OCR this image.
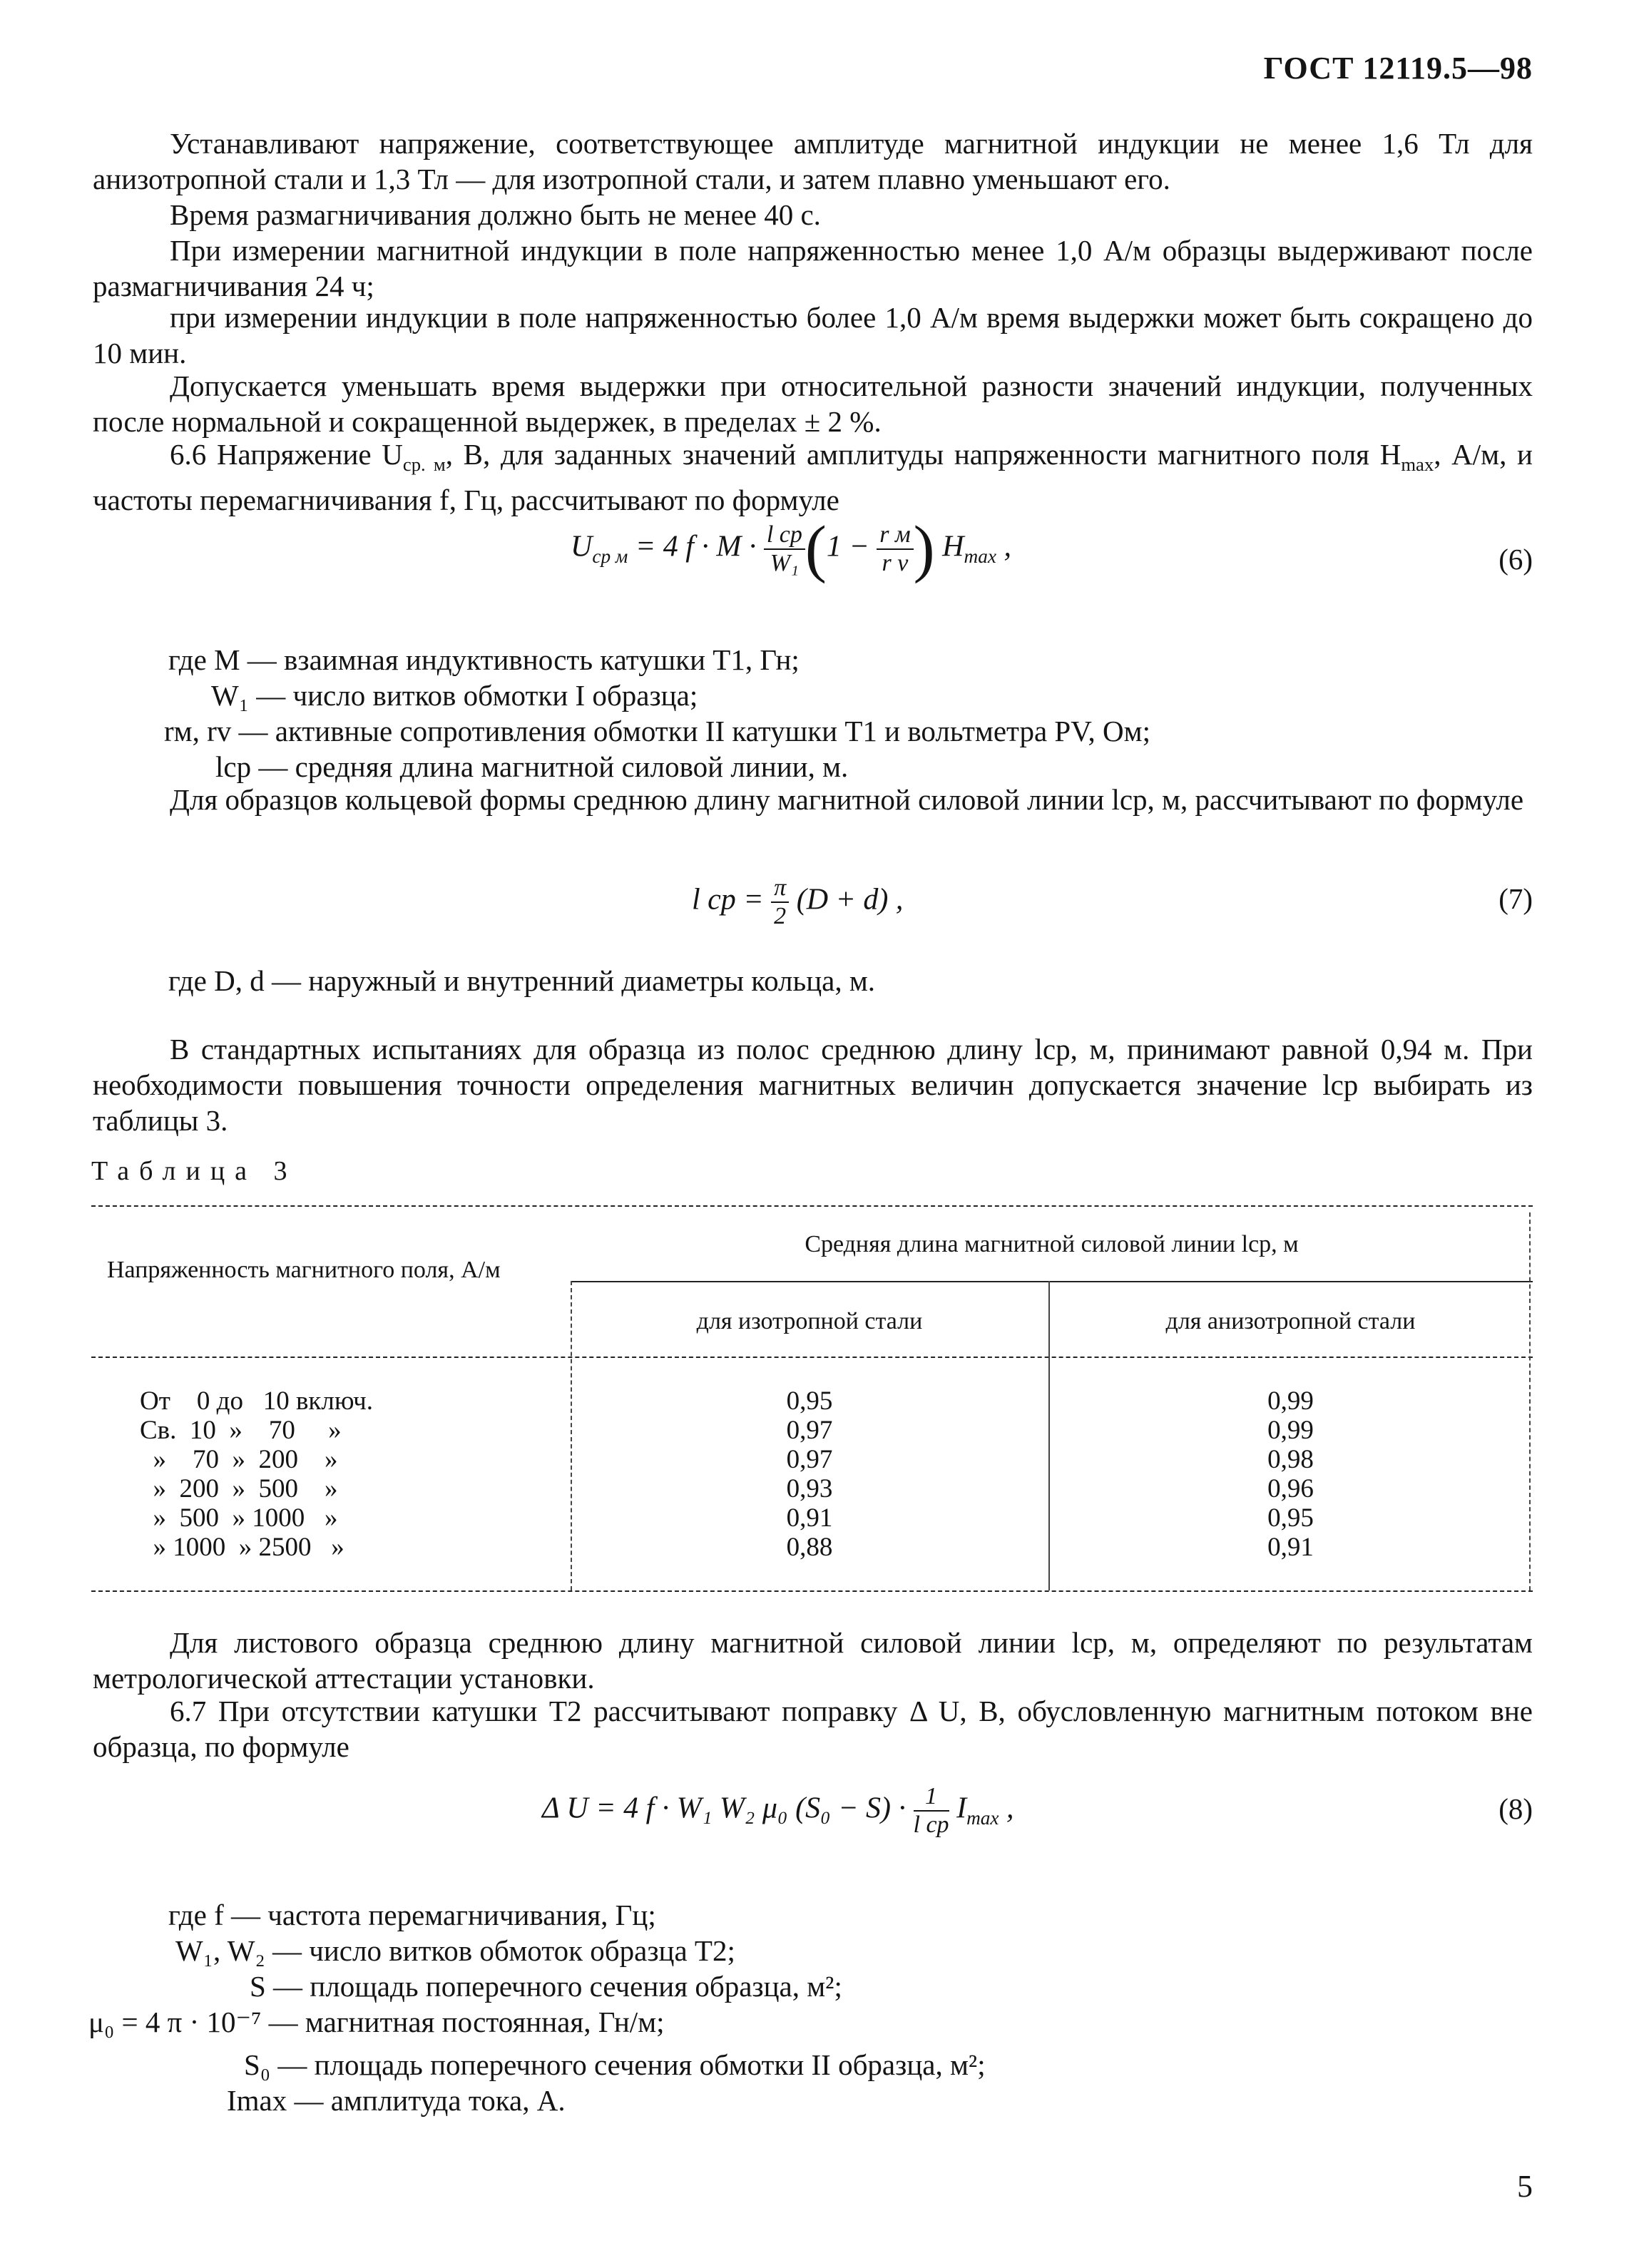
ГОСТ 12119.5—98

Устанавливают напряжение, соответствующее амплитуде магнитной индукции не менее 1,6 Тл для анизотропной стали и 1,3 Тл — для изотропной стали, и затем плавно уменьшают его.

Время размагничивания должно быть не менее 40 с.

При измерении магнитной индукции в поле напряженностью менее 1,0 А/м образцы выдерживают после размагничивания 24 ч;

при измерении индукции в поле напряженностью более 1,0 А/м время выдержки может быть сокращено до 10 мин.

Допускается уменьшать время выдержки при относительной разности значений индукции, полученных после нормальной и сокращенной выдержек, в пределах ± 2 %.

6.6 Напряжение $U_{ср. м}$, В, для заданных значений амплитуды напряженности магнитного поля $H_{max}$, А/м, и частоты перемагничивания f, Гц, рассчитывают по формуле

$U_{ср м} = 4$ f · M · l ср
W₁ (1 − r м
r v ) $H_{max}$ ,	(6)
где M — взаимная индуктивность катушки T1, Гн;
W₁ — число витков обмотки I образца;
rм, rv — активные сопротивления обмотки II катушки T1 и вольтметра PV, Ом;
lср — средняя длина магнитной силовой линии, м.

Для образцов кольцевой формы среднюю длину магнитной силовой линии lср, м, рассчитывают по формуле

l ср = $\frac{\pi}{2} (D + d)$ ,	(7)
где D, d — наружный и внутренний диаметры кольца, м.

В стандартных испытаниях для образца из полос среднюю длину lср, м, принимают равной 0,94 м. При необходимости повышения точности определения магнитных величин допускается значение lср выбирать из таблицы 3.

Таблица 3
Напряженность магнитного поля, А/м
Средняя длина магнитной силовой линии lср, м
для изотропной стали	для анизотропной стали
От    0 до   10 включ.	0,95	0,99
Св.  10  »    70     »	0,97	0,99
»    70  »  200    »	0,97	0,98
»  200  »  500    »	0,93	0,96
»  500  » 1000   »	0,91	0,95
» 1000  » 2500   »	0,88	0,91

Для листового образца среднюю длину магнитной силовой линии lср, м, определяют по результатам метрологической аттестации установки.

6.7 При отсутствии катушки T2 рассчитывают поправку Δ U, В, обусловленную магнитным потоком вне образца, по формуле

Δ U = 4 f · W₁ W₂ μ₀ (S₀ − S) · 1
l ср $I_{max}$ ,	(8)
где f — частота перемагничивания, Гц;
W₁, W₂ — число витков обмоток образца T2;
S — площадь поперечного сечения образца, м²;
μ₀ = 4 π · 10⁻⁷ — магнитная постоянная, Гн/м;
S₀ — площадь поперечного сечения обмотки II образца, м²;
Imax — амплитуда тока, А.
5
